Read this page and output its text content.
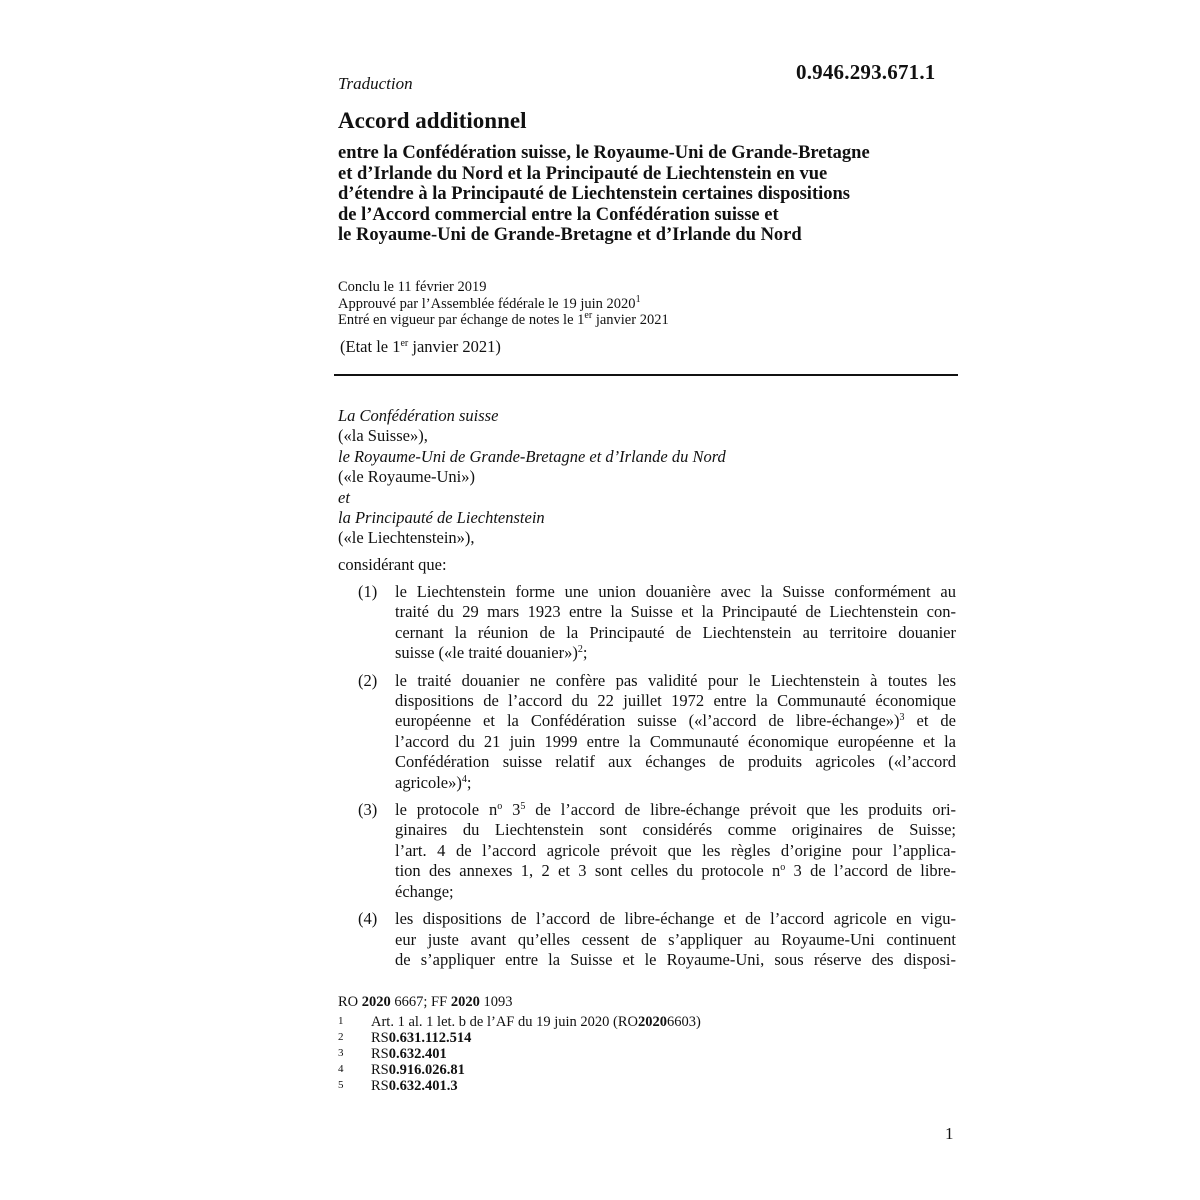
Traduction	0.946.293.671.1
Accord additionnel
entre la Confédération suisse, le Royaume-Uni de Grande-Bretagne
et d’Irlande du Nord et la Principauté de Liechtenstein en vue
d’étendre à la Principauté de Liechtenstein certaines dispositions
de l’Accord commercial entre la Confédération suisse et
le Royaume-Uni de Grande-Bretagne et d’Irlande du Nord
Conclu le 11 février 2019
Approuvé par l’Assemblée fédérale le 19 juin 2020$^1$
Entré en vigueur par échange de notes le 1er janvier 2021
(Etat le 1er janvier 2021)
La Confédération suisse
(«la Suisse»),
le Royaume-Uni de Grande-Bretagne et d’Irlande du Nord
(«le Royaume-Uni»)
et
la Principauté de Liechtenstein
(«le Liechtenstein»),
considérant que:
(1)	le Liechtenstein forme une union douanière avec la Suisse conformément au
traité du 29 mars 1923 entre la Suisse et la Principauté de Liechtenstein con-
cernant la réunion de la Principauté de Liechtenstein au territoire douanier
suisse («le traité douanier»)$^2$;
(2)	le traité douanier ne confère pas validité pour le Liechtenstein à toutes les
dispositions de l’accord du 22 juillet 1972 entre la Communauté économique
européenne et la Confédération suisse («l’accord de libre-échange»)$^3$ et de
l’accord du 21 juin 1999 entre la Communauté économique européenne et la
Confédération suisse relatif aux échanges de produits agricoles («l’accord
agricole»)$^4$;
(3)	le protocole $n^o$ $3^5$ de l’accord de libre-échange prévoit que les produits ori-
ginaires du Liechtenstein sont considérés comme originaires de Suisse;
l’art. 4 de l’accord agricole prévoit que les règles d’origine pour l’applica-
tion des annexes 1, 2 et 3 sont celles du protocole $n^o$ 3 de l’accord de libre-
échange;
(4)	les dispositions de l’accord de libre-échange et de l’accord agricole en vigu-
eur juste avant qu’elles cessent de s’appliquer au Royaume-Uni continuent
de s’appliquer entre la Suisse et le Royaume-Uni, sous réserve des disposi-
RO 2020 6667; FF 2020 1093
1	Art. 1 al. 1 let. b de l’AF du 19 juin 2020 (RO 2020 6603)
2	RS 0.631.112.514
3	RS 0.632.401
4	RS 0.916.026.81
5	RS 0.632.401.3
1
